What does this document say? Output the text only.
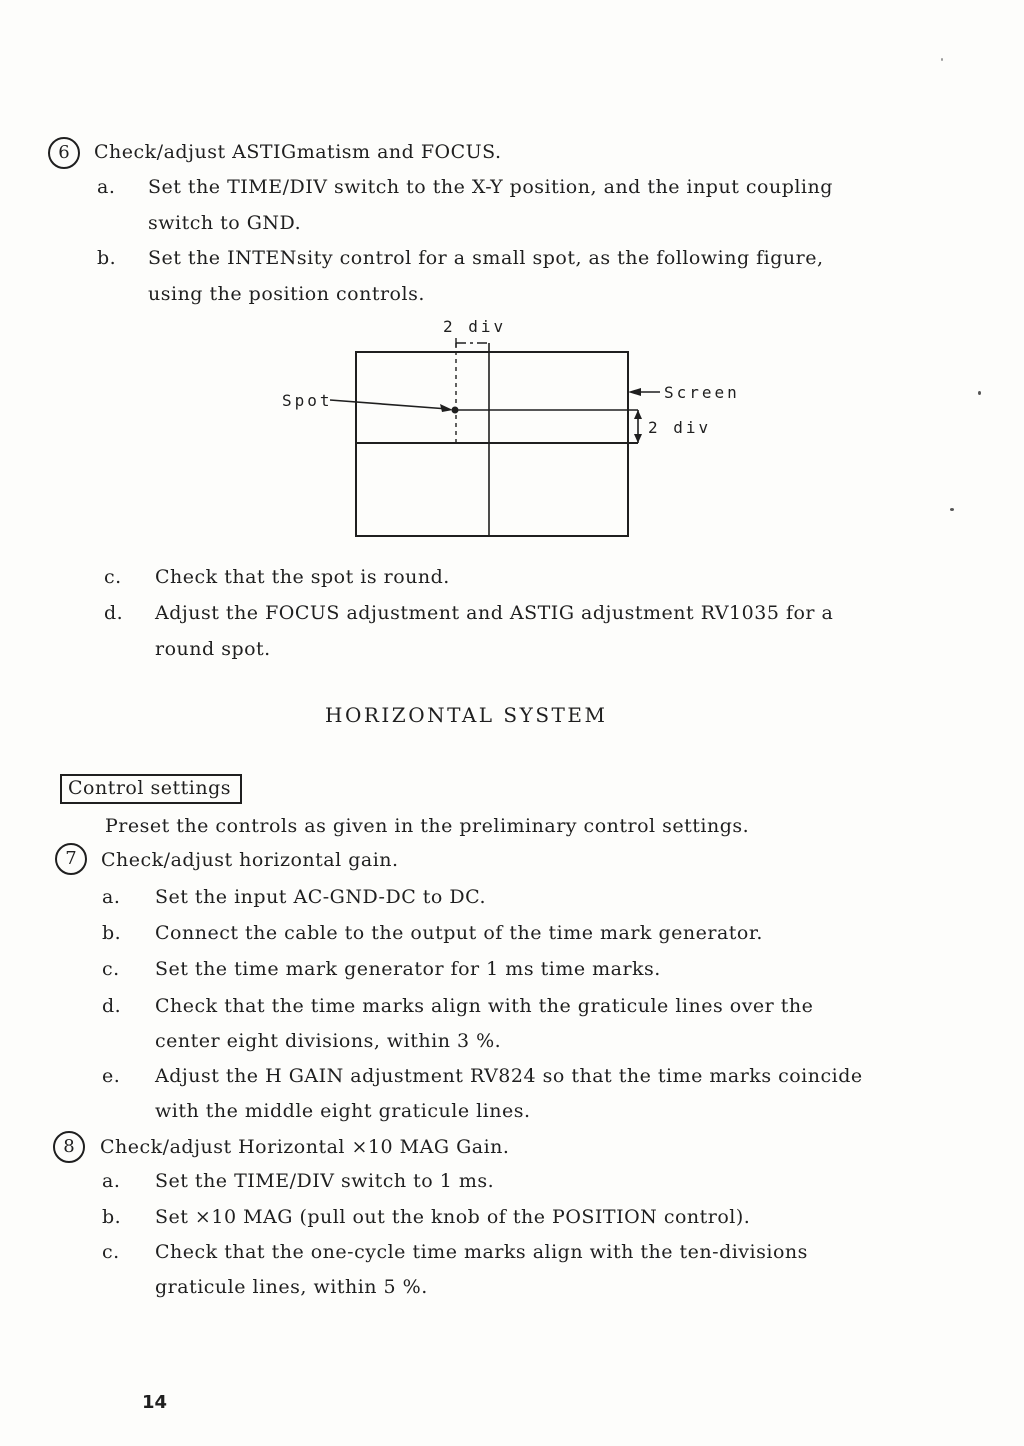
6	Check/adjust ASTIGmatism and FOCUS.
a. Set the TIME/DIV switch to the X-Y position, and the input coupling
switch to GND.
b. Set the INTENsity control for a small spot, as the following figure,
using the position controls.
2 div
Spot
2 div
Screen
c. Check that the spot is round.
d. Adjust the FOCUS adjustment and ASTIG adjustment RV1035 for a
round spot.
HORIZONTAL SYSTEM
Control settings
Preset the controls as given in the preliminary control settings.
7	Check/adjust horizontal gain.
a. Set the input AC-GND-DC to DC.
b. Connect the cable to the output of the time mark generator.
c. Set the time mark generator for 1 ms time marks.
d. Check that the time marks align with the graticule lines over the
center eight divisions, within 3 %.
e. Adjust the H GAIN adjustment RV824 so that the time marks coincide
with the middle eight graticule lines.
8	Check/adjust Horizontal ×10 MAG Gain.
a. Set the TIME/DIV switch to 1 ms.
b. Set ×10 MAG (pull out the knob of the POSITION control).
c. Check that the one-cycle time marks align with the ten-divisions
graticule lines, within 5 %.
14
